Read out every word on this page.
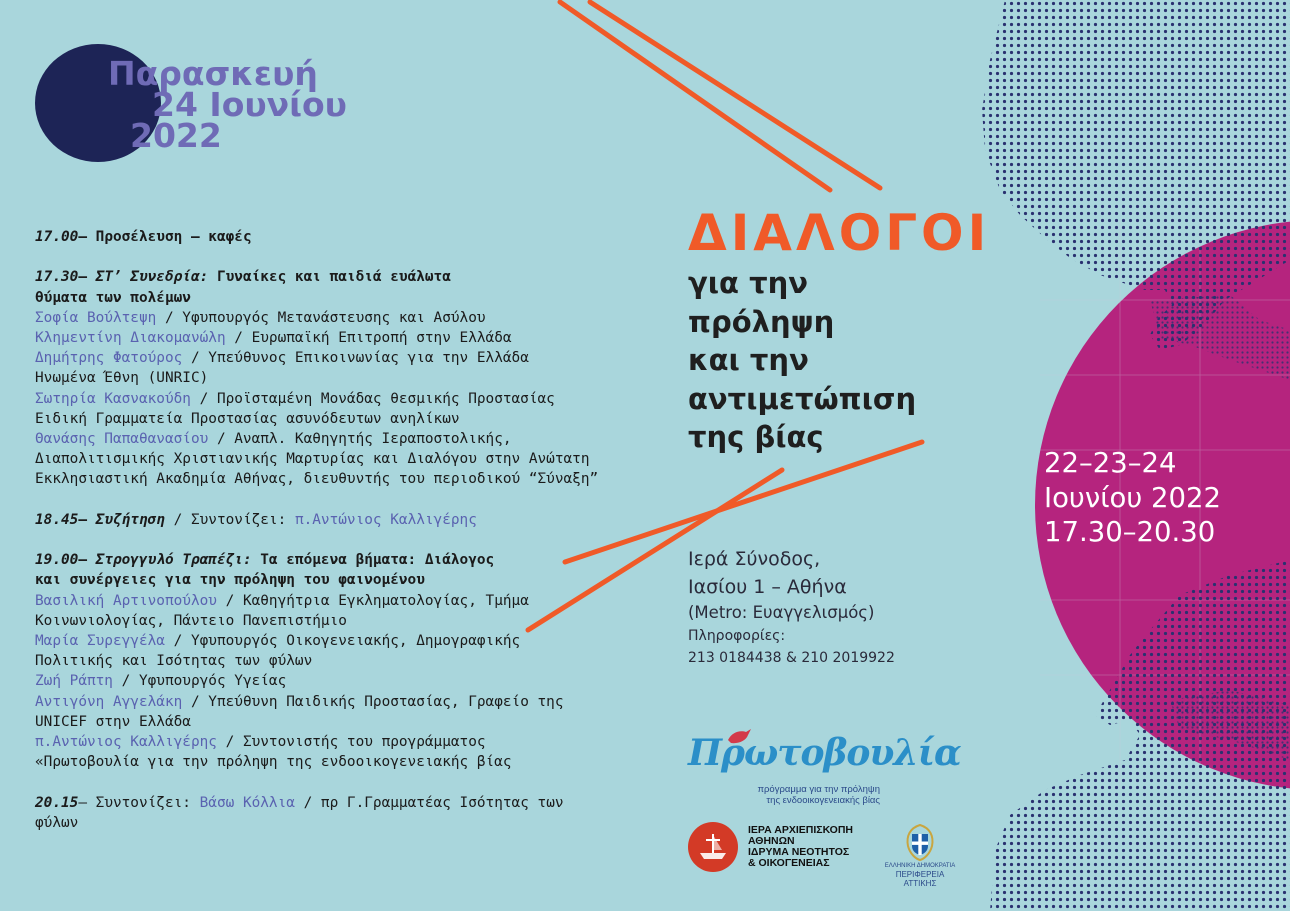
Παρασκευή
24 Ιουνίου
2022
17.00— Προσέλευση – καφές
17.30— ΣΤ’ Συνεδρία: Γυναίκες και παιδιά ευάλωτα
θύματα των πολέμων
Σοφία Βούλτεψη / Υφυπουργός Μετανάστευσης και Ασύλου
Κλημεντίνη Διακομανώλη / Ευρωπαϊκή Επιτροπή στην Ελλάδα
Δημήτρης Φατούρος / Υπεύθυνος Επικοινωνίας για την Ελλάδα
Ηνωμένα Έθνη (UNRIC)
Σωτηρία Κασνακούδη / Προϊσταμένη Μονάδας θεσμικής Προστασίας
Ειδική Γραμματεία Προστασίας ασυνόδευτων ανηλίκων
Θανάσης Παπαθανασίου / Αναπλ. Καθηγητής Ιεραποστολικής,
Διαπολιτισμικής Χριστιανικής Μαρτυρίας και Διαλόγου στην Ανώτατη
Εκκλησιαστική Ακαδημία Αθήνας, διευθυντής του περιοδικού “Σύναξη”
18.45— Συζήτηση / Συντονίζει: π.Αντώνιος Καλλιγέρης
19.00— Στρογγυλό Τραπέζι: Τα επόμενα βήματα: Διάλογος
και συνέργειες για την πρόληψη του φαινομένου
Βασιλική Αρτινοπούλου / Καθηγήτρια Εγκληματολογίας, Τμήμα
Κοινωνιολογίας, Πάντειο Πανεπιστήμιο
Μαρία Συρεγγέλα / Υφυπουργός Οικογενειακής, Δημογραφικής
Πολιτικής και Ισότητας των φύλων
Ζωή Ράπτη / Υφυπουργός Υγείας
Αντιγόνη Αγγελάκη / Υπεύθυνη Παιδικής Προστασίας, Γραφείο της
UNICEF στην Ελλάδα
π.Αντώνιος Καλλιγέρης / Συντονιστής του προγράμματος
«Πρωτοβουλία για την πρόληψη της ενδοοικογενειακής βίας
20.15— Συντονίζει: Βάσω Κόλλια / πρ Γ.Γραμματέας Ισότητας των
φύλων
ΔΙΑΛΟΓΟΙ
για την
πρόληψη
και την
αντιμετώπιση
της βίας
Ιερά Σύνοδος,
Ιασίου 1 – Αθήνα
(Metro: Ευαγγελισμός)
Πληροφορίες:
213 0184438 & 210 2019922
22–23–24
Ιουνίου 2022
17.30–20.30
Πρωτοβουλία
πρόγραμμα για την πρόληψη
της ενδοοικογενειακής βίας
ΙΕΡΑ ΑΡΧΙΕΠΙΣΚΟΠΗ
ΑΘΗΝΩΝ
ΙΔΡΥΜΑ ΝΕΟΤΗΤΟΣ
& ΟΙΚΟΓΕΝΕΙΑΣ	ΕΛΛΗΝΙΚΗ ΔΗΜΟΚΡΑΤΙΑ
ΠΕΡΙΦΕΡΕΙΑ ΑΤΤΙΚΗΣ
